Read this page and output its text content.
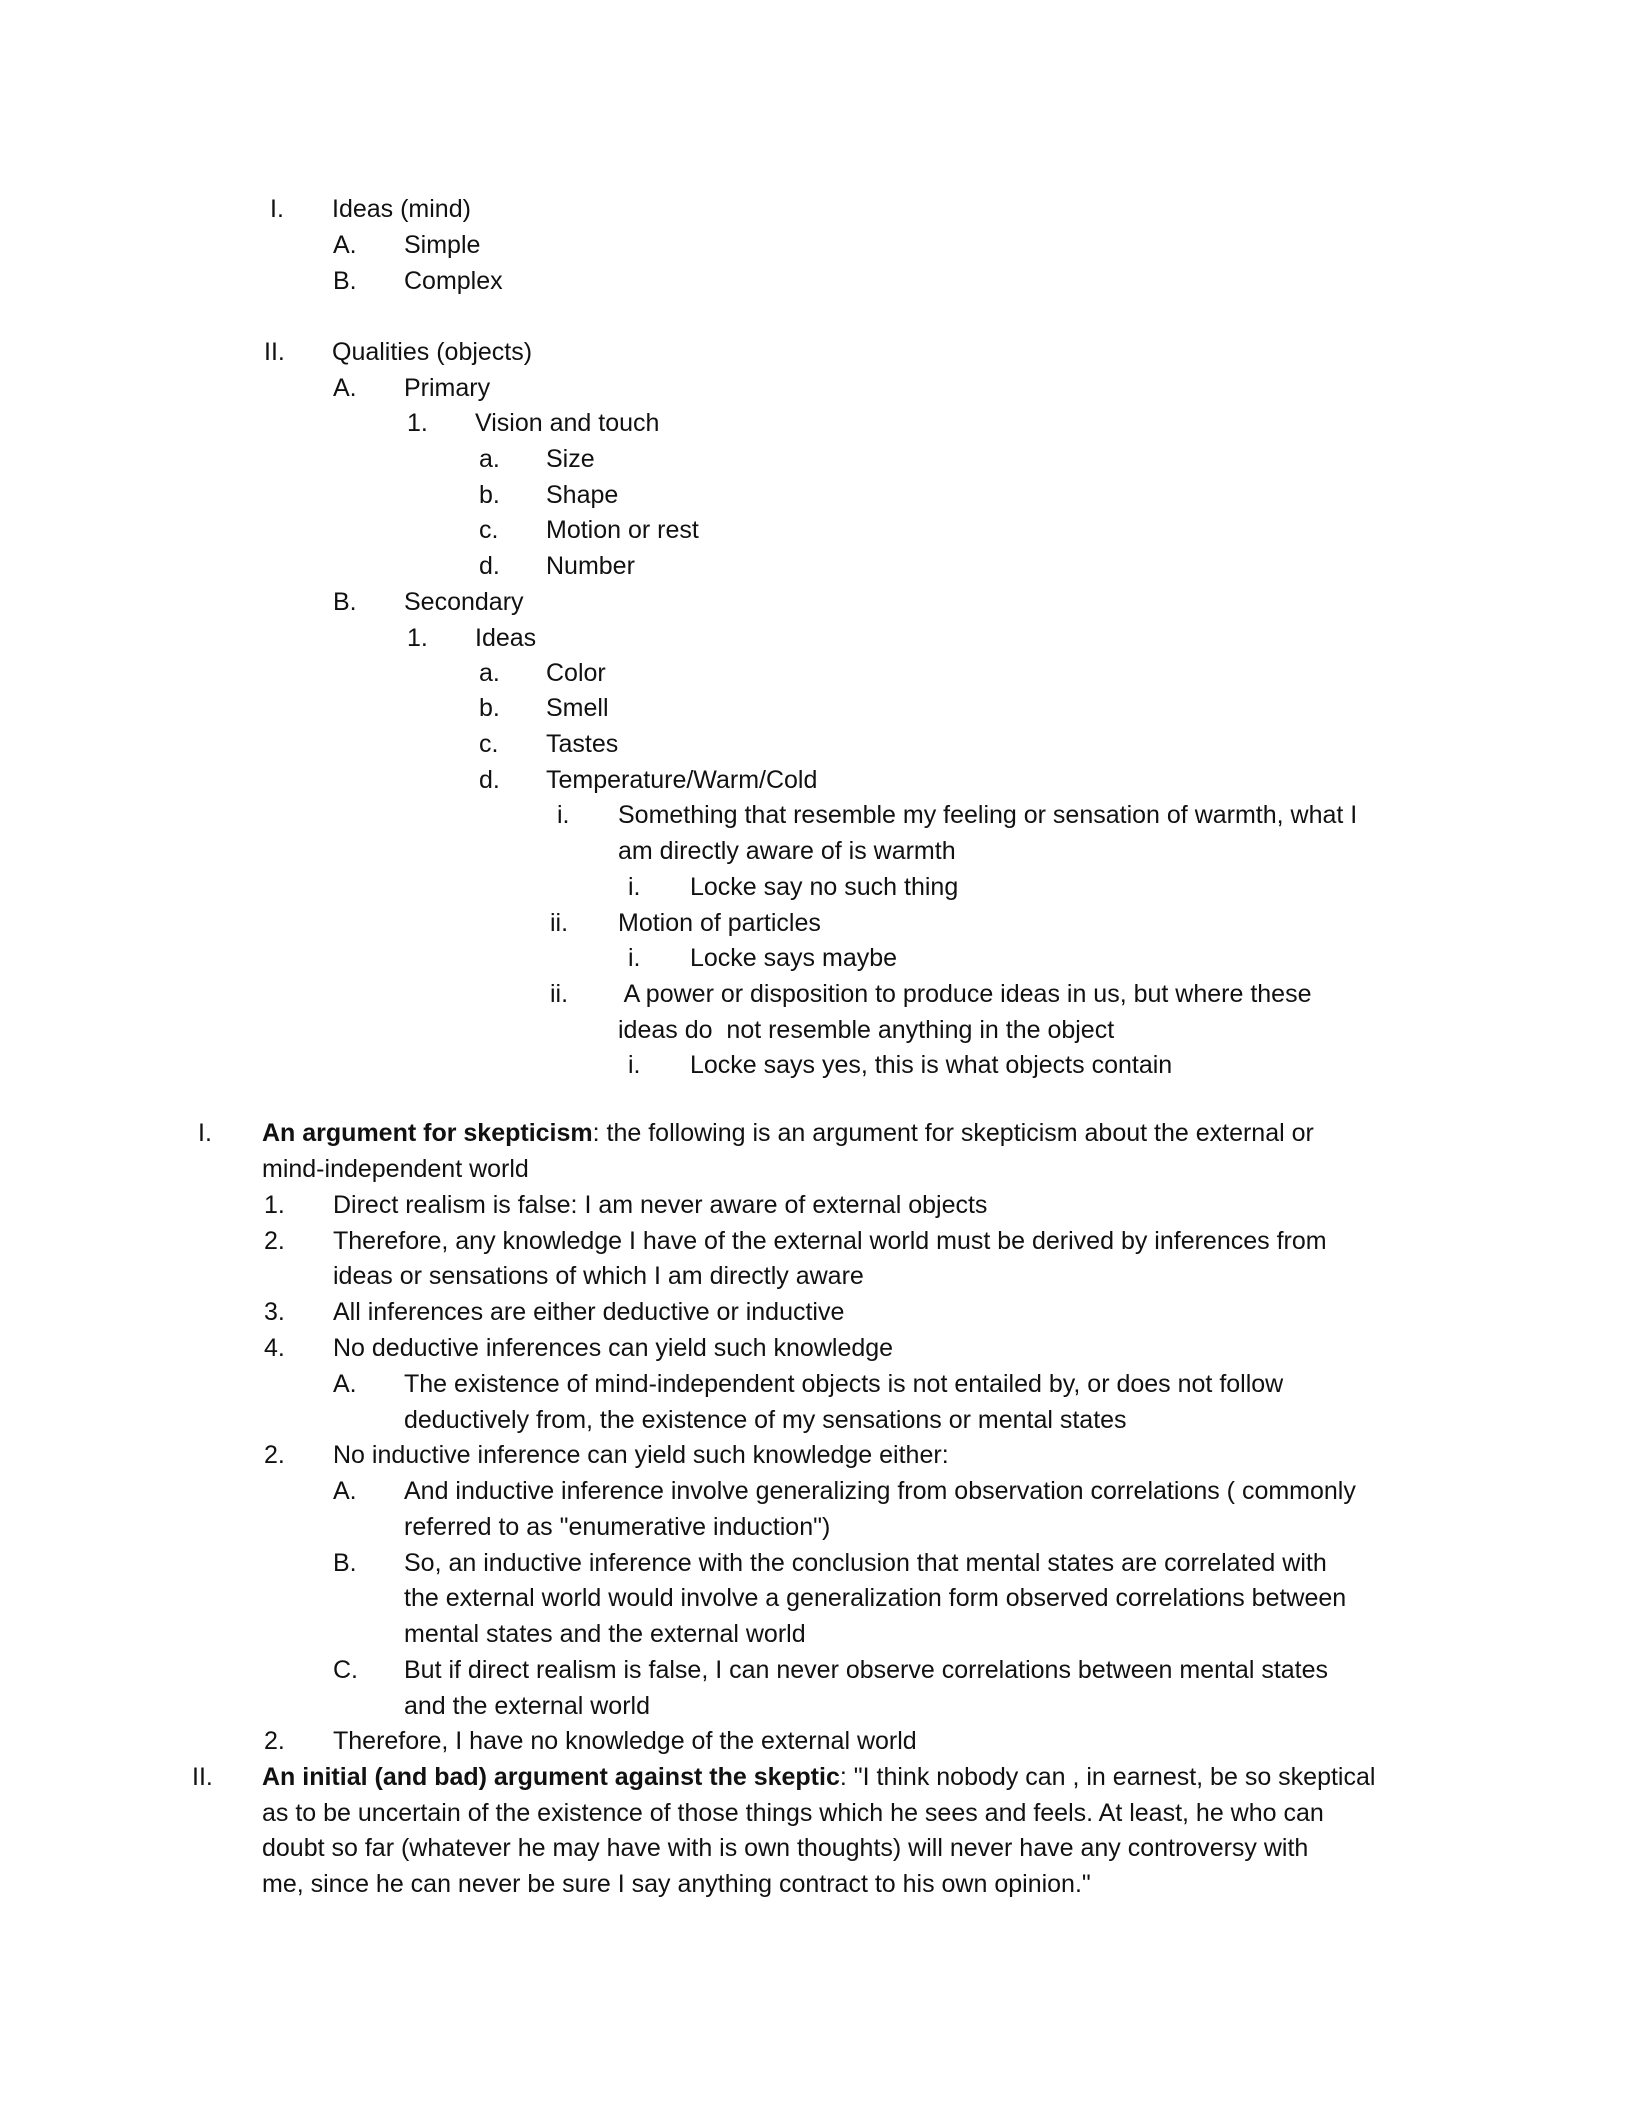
I. Ideas (mind)
A. Simple
B. Complex
II. Qualities (objects)
A. Primary
1. Vision and touch
a. Size
b. Shape
c. Motion or rest
d. Number
B. Secondary
1. Ideas
a. Color
b. Smell
c. Tastes
d. Temperature/Warm/Cold
i. Something that resemble my feeling or sensation of warmth, what I
am directly aware of is warmth
i. Locke say no such thing
ii. Motion of particles
i. Locke says maybe
ii. A power or disposition to produce ideas in us, but where these
ideas do  not resemble anything in the object
i. Locke says yes, this is what objects contain
I. An argument for skepticism: the following is an argument for skepticism about the external or
mind-independent world
1. Direct realism is false: I am never aware of external objects
2. Therefore, any knowledge I have of the external world must be derived by inferences from
ideas or sensations of which I am directly aware
3. All inferences are either deductive or inductive
4. No deductive inferences can yield such knowledge
A. The existence of mind-independent objects is not entailed by, or does not follow
deductively from, the existence of my sensations or mental states
2. No inductive inference can yield such knowledge either:
A. And inductive inference involve generalizing from observation correlations ( commonly
referred to as "enumerative induction")
B. So, an inductive inference with the conclusion that mental states are correlated with
the external world would involve a generalization form observed correlations between
mental states and the external world
C. But if direct realism is false, I can never observe correlations between mental states
and the external world
2. Therefore, I have no knowledge of the external world
II. An initial (and bad) argument against the skeptic: "I think nobody can , in earnest, be so skeptical
as to be uncertain of the existence of those things which he sees and feels. At least, he who can
doubt so far (whatever he may have with is own thoughts) will never have any controversy with
me, since he can never be sure I say anything contract to his own opinion."
